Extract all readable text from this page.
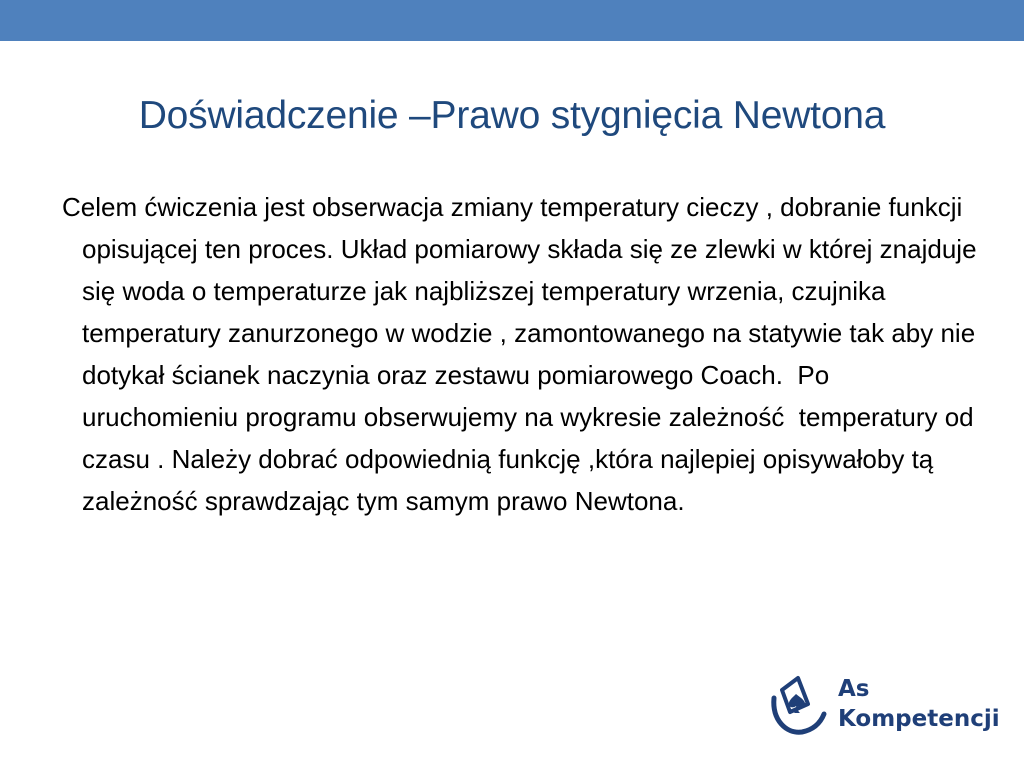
Doświadczenie –Prawo stygnięcia Newtona

Celem ćwiczenia jest obserwacja zmiany temperatury cieczy , dobranie funkcji opisującej ten proces. Układ pomiarowy składa się ze zlewki w której znajduje się woda o temperaturze jak najbliższej temperatury wrzenia, czujnika temperatury zanurzonego w wodzie , zamontowanego na statywie tak aby nie dotykał ścianek naczynia oraz zestawu pomiarowego Coach.  Po uruchomieniu programu obserwujemy na wykresie zależność  temperatury od czasu . Należy dobrać odpowiednią funkcję ,która najlepiej opisywałoby tą zależność sprawdzając tym samym prawo Newtona.

As
Kompetencji
